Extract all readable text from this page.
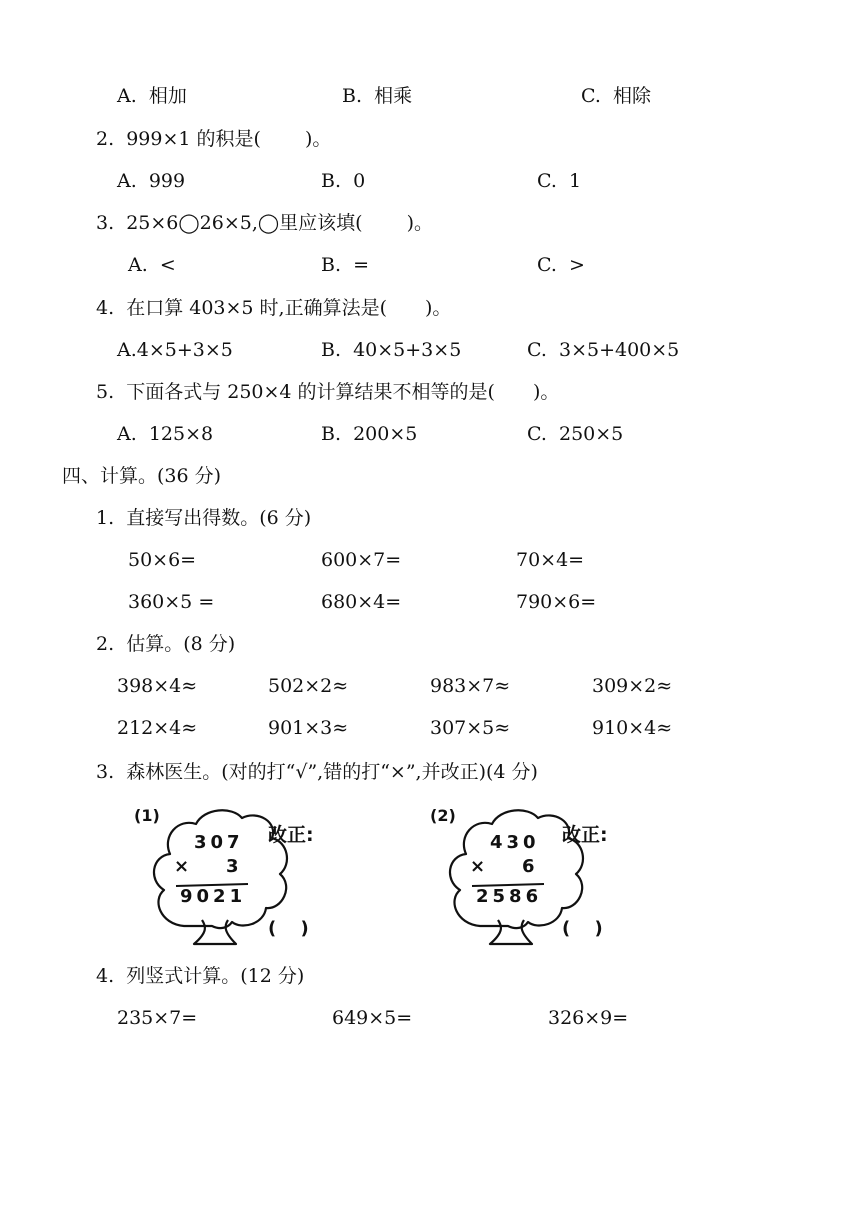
A.  相加	B.  相乘	C.  相除
2.  999×1 的积是(　　 )。
A.  999	B.  0	C.  1
3.  25×6◯26×5,◯里应该填(　　 )。
A.  <	B.  =	C.  >
4.  在口算 403×5 时,正确算法是(　　)。
A.4×5+3×5	B.  40×5+3×5	C.  3×5+400×5
5.  下面各式与 250×4 的计算结果不相等的是(　　)。
A.  125×8	B.  200×5	C.  250×5
四、计算。(36 分)
1.  直接写出得数。(6 分)
50×6=	600×7=	70×4=
360×5 =	680×4=	790×6=
2.  估算。(8 分)
398×4≈	502×2≈	983×7≈	309×2≈
212×4≈	901×3≈	307×5≈	910×4≈
3.  森林医生。(对的打“√”,错的打“×”,并改正)(4 分)
(1)
307
× 3
9021
改正:
(　 )
(2)
430
× 6
2586
改正:
(　 )
4.  列竖式计算。(12 分)
235×7=	649×5=	326×9=
